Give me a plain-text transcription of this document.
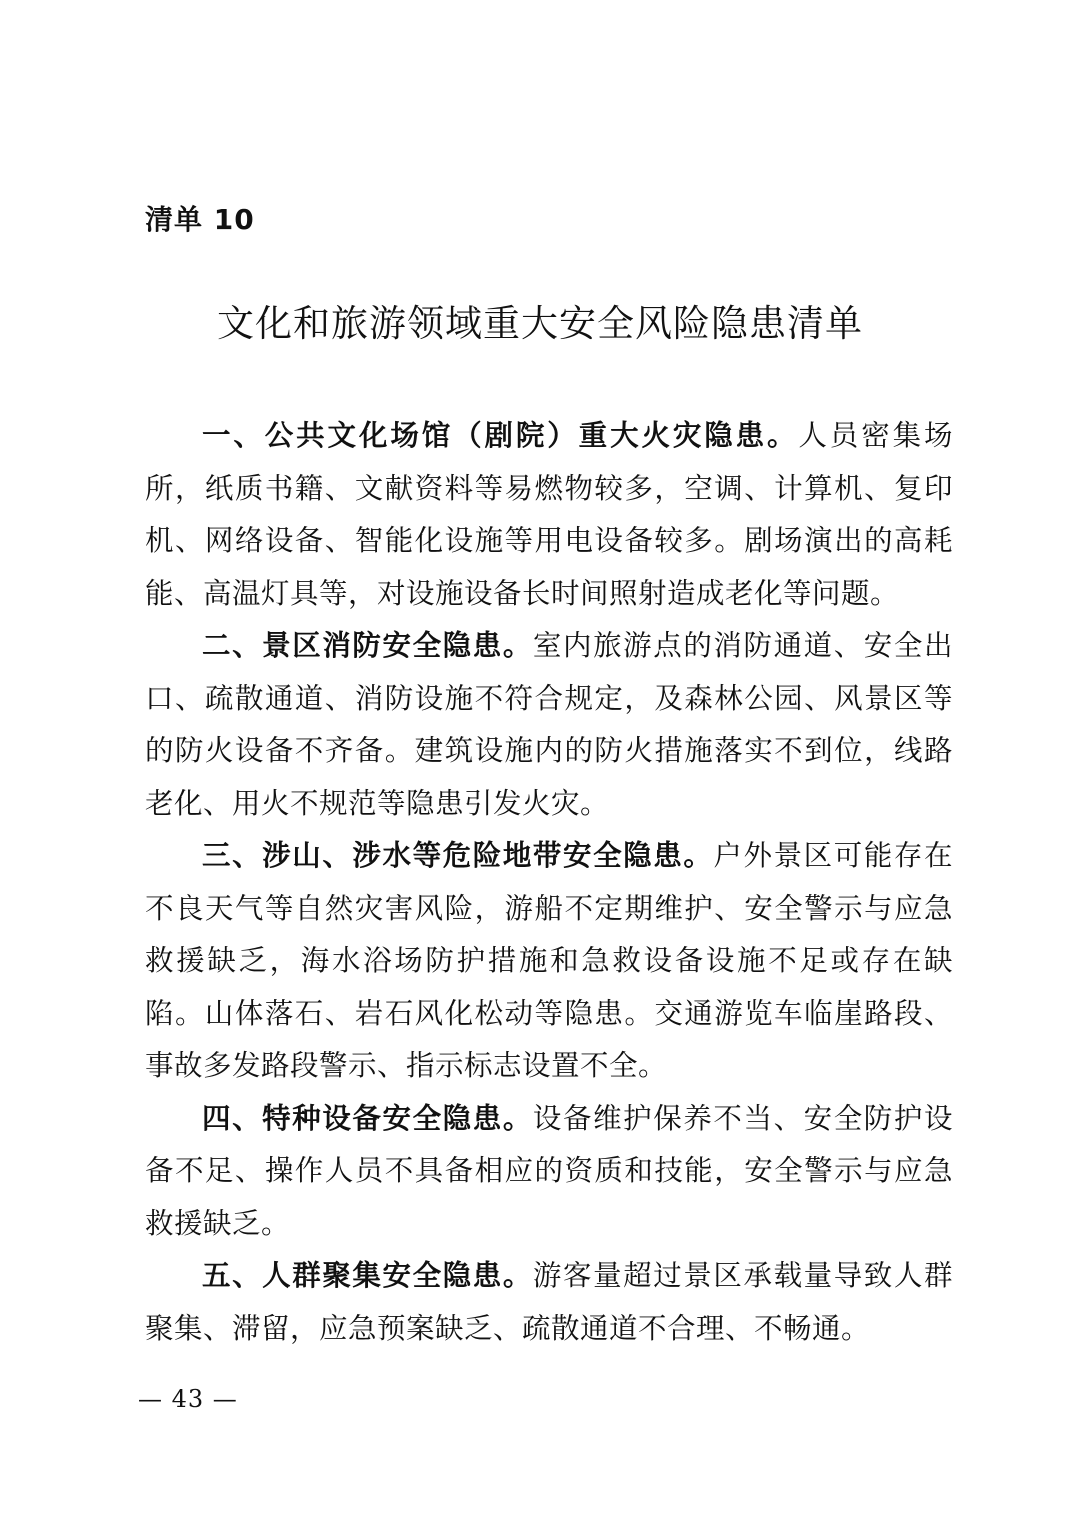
清单 10
文化和旅游领域重大安全风险隐患清单

一、公共文化场馆（剧院）重大火灾隐患。人员密集场所，纸质书籍、文献资料等易燃物较多，空调、计算机、复印机、网络设备、智能化设施等用电设备较多。剧场演出的高耗能、高温灯具等，对设施设备长时间照射造成老化等问题。

二、景区消防安全隐患。室内旅游点的消防通道、安全出口、疏散通道、消防设施不符合规定，及森林公园、风景区等的防火设备不齐备。建筑设施内的防火措施落实不到位，线路老化、用火不规范等隐患引发火灾。

三、涉山、涉水等危险地带安全隐患。户外景区可能存在不良天气等自然灾害风险，游船不定期维护、安全警示与应急救援缺乏，海水浴场防护措施和急救设备设施不足或存在缺陷。山体落石、岩石风化松动等隐患。交通游览车临崖路段、事故多发路段警示、指示标志设置不全。

四、特种设备安全隐患。设备维护保养不当、安全防护设备不足、操作人员不具备相应的资质和技能，安全警示与应急救援缺乏。

五、人群聚集安全隐患。游客量超过景区承载量导致人群聚集、滞留，应急预案缺乏、疏散通道不合理、不畅通。

— 43 —
